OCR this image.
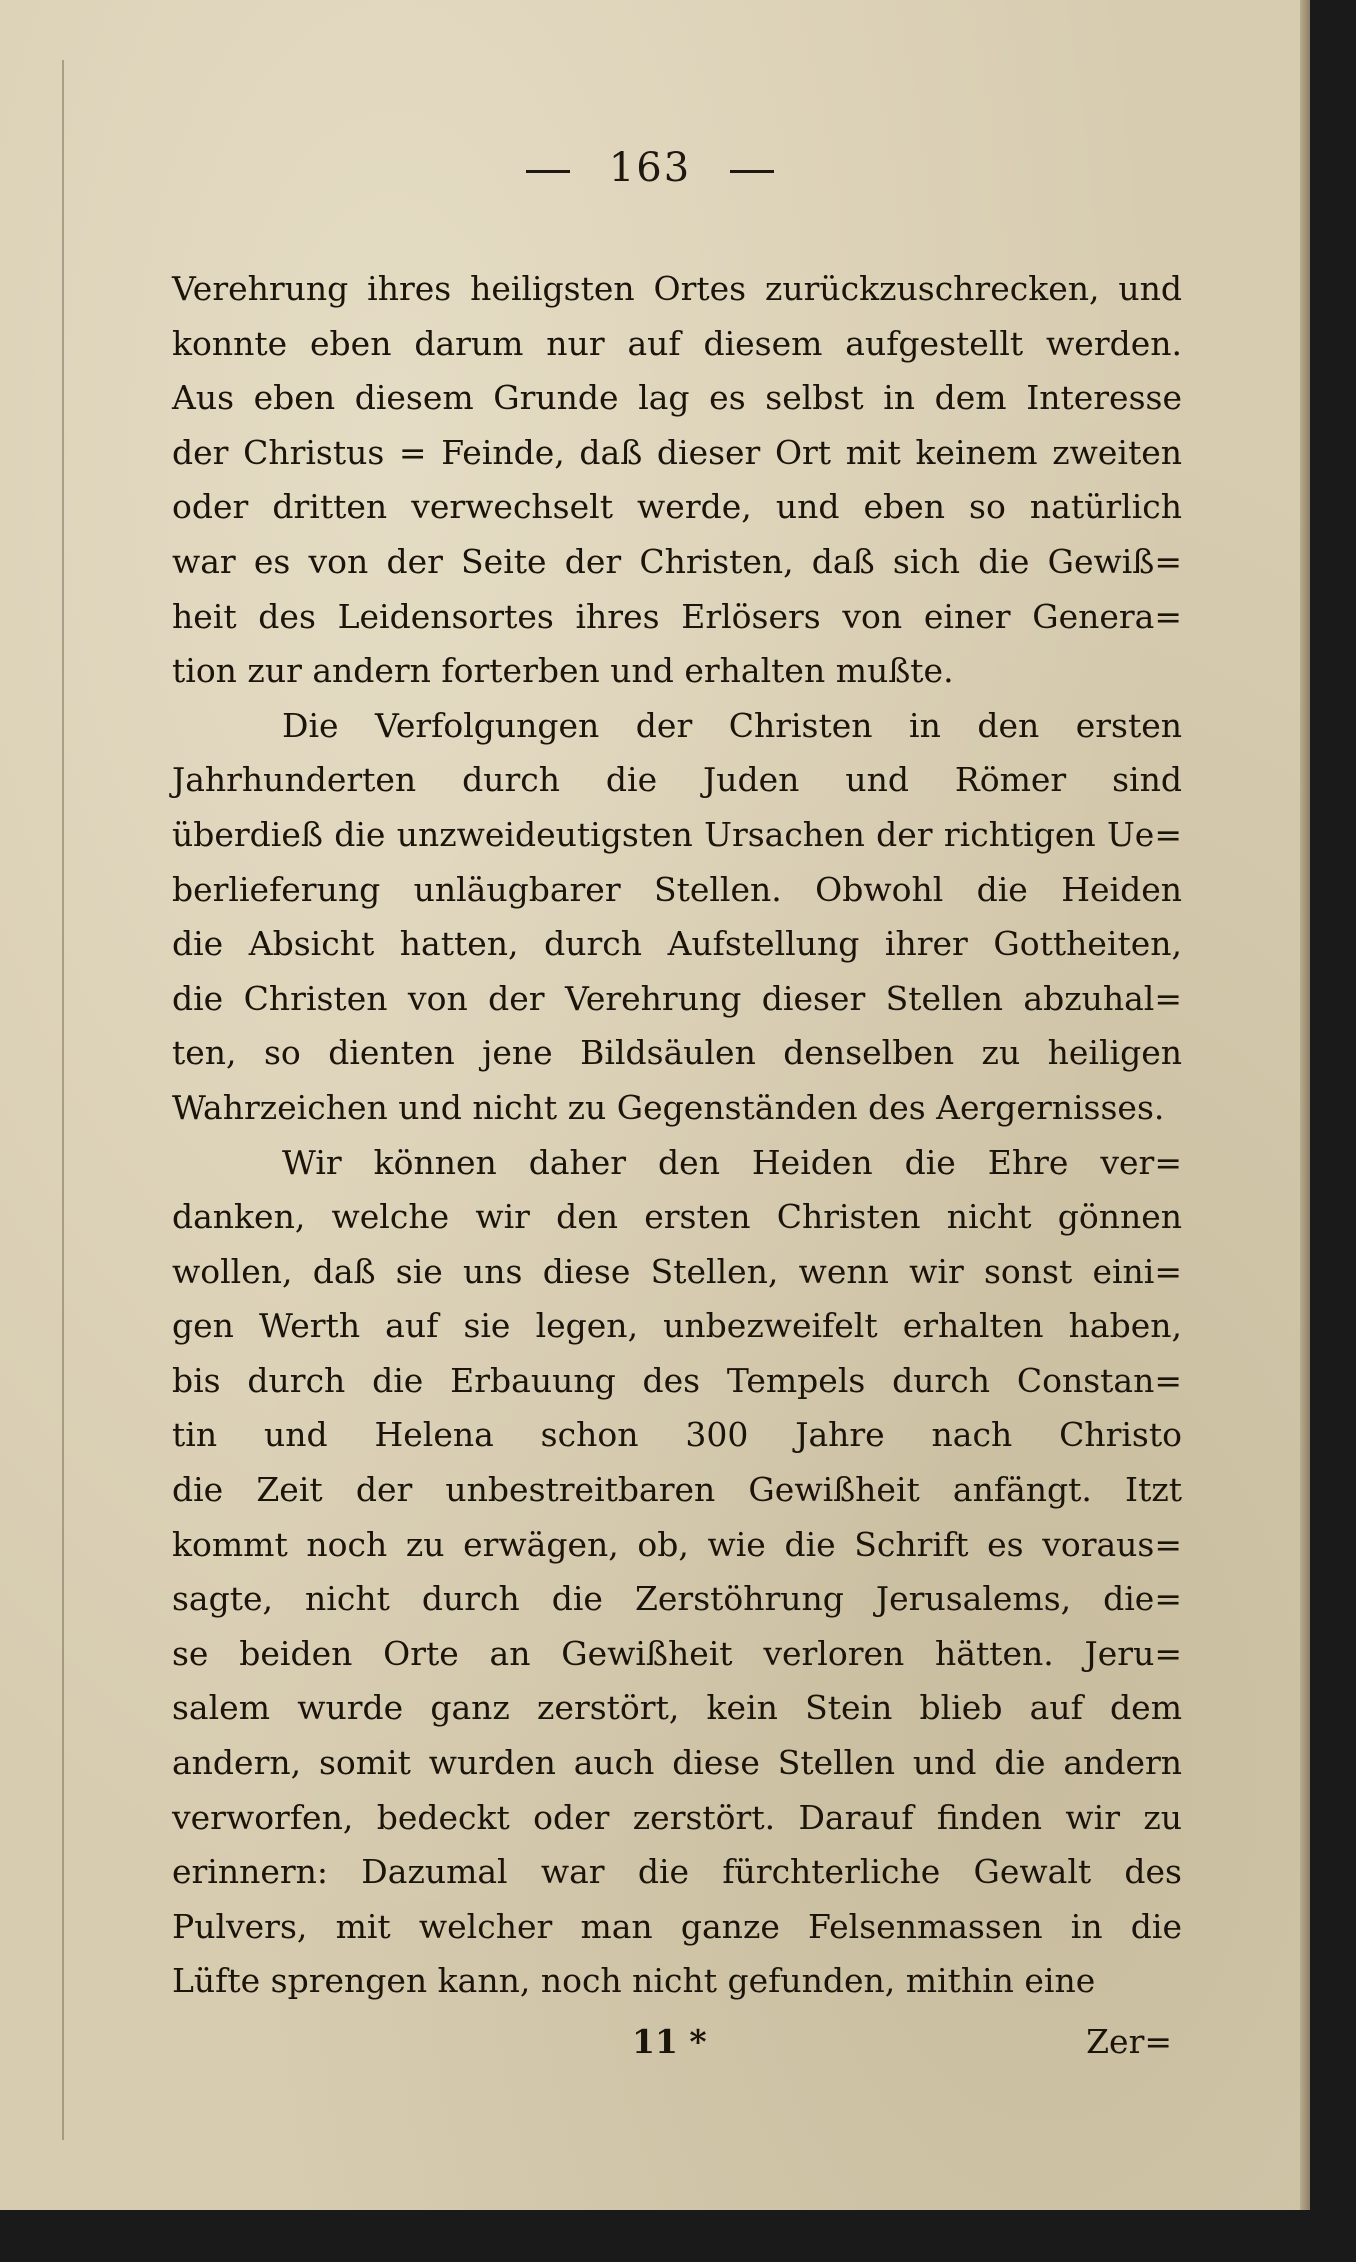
163
Verehrung ihres heiligsten Ortes zurückzuschrecken, und
konnte eben darum nur auf diesem aufgestellt werden.
Aus eben diesem Grunde lag es selbst in dem Interesse
der Christus = Feinde, daß dieser Ort mit keinem zweiten
oder dritten verwechselt werde, und eben so natürlich
war es von der Seite der Christen, daß sich die Gewiß=
heit des Leidensortes ihres Erlösers von einer Genera=
tion zur andern forterben und erhalten mußte.
Die Verfolgungen der Christen in den ersten
Jahrhunderten durch die Juden und Römer sind
überdieß die unzweideutigsten Ursachen der richtigen Ue=
berlieferung unläugbarer Stellen. Obwohl die Heiden
die Absicht hatten, durch Aufstellung ihrer Gottheiten,
die Christen von der Verehrung dieser Stellen abzuhal=
ten, so dienten jene Bildsäulen denselben zu heiligen
Wahrzeichen und nicht zu Gegenständen des Aergernisses.
Wir können daher den Heiden die Ehre ver=
danken, welche wir den ersten Christen nicht gönnen
wollen, daß sie uns diese Stellen, wenn wir sonst eini=
gen Werth auf sie legen, unbezweifelt erhalten haben,
bis durch die Erbauung des Tempels durch Constan=
tin und Helena schon 300 Jahre nach Christo
die Zeit der unbestreitbaren Gewißheit anfängt. Itzt
kommt noch zu erwägen, ob, wie die Schrift es voraus=
sagte, nicht durch die Zerstöhrung Jerusalems, die=
se beiden Orte an Gewißheit verloren hätten. Jeru=
salem wurde ganz zerstört, kein Stein blieb auf dem
andern, somit wurden auch diese Stellen und die andern
verworfen, bedeckt oder zerstört. Darauf finden wir zu
erinnern: Dazumal war die fürchterliche Gewalt des
Pulvers, mit welcher man ganze Felsenmassen in die
Lüfte sprengen kann, noch nicht gefunden, mithin eine
11 *	Zer=
